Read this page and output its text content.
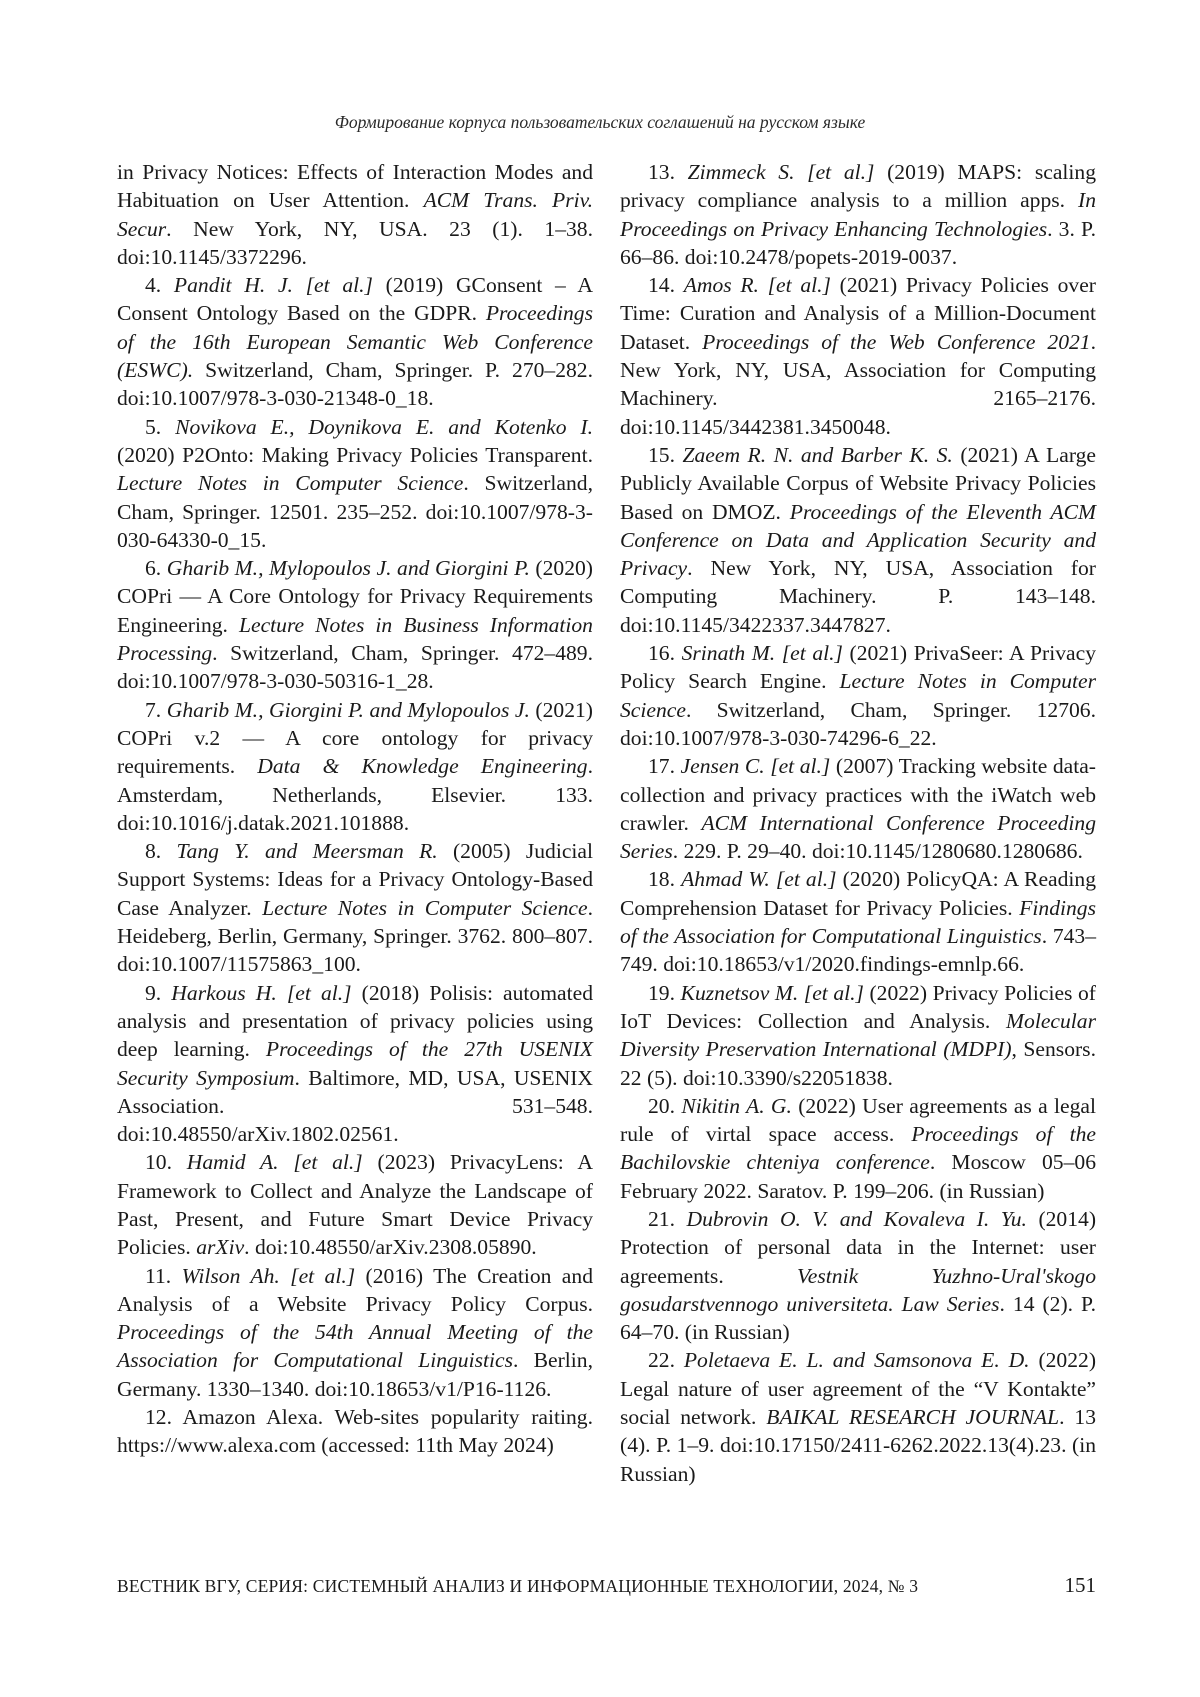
Формирование корпуса пользовательских соглашений на русском языке

in Privacy Notices: Effects of Interaction Modes and Habituation on User Attention. ACM Trans. Priv. Secur. New York, NY, USA. 23 (1). 1–38. doi:10.1145/3372296.

4. Pandit H. J. [et al.] (2019) GConsent – A Consent Ontology Based on the GDPR. Proceedings of the 16th European Semantic Web Conference (ESWC). Switzerland, Cham, Springer. P. 270–282. doi:10.1007/978-3-030-21348-0_18.

5. Novikova E., Doynikova E. and Kotenko I. (2020) P2Onto: Making Privacy Policies Transparent. Lecture Notes in Computer Science. Switzerland, Cham, Springer. 12501. 235–252. doi:10.1007/978-3-030-64330-0_15.

6. Gharib M., Mylopoulos J. and Giorgini P. (2020) COPri — A Core Ontology for Privacy Requirements Engineering. Lecture Notes in Business Information Processing. Switzerland, Cham, Springer. 472–489. doi:10.1007/978-3-030-50316-1_28.

7. Gharib M., Giorgini P. and Mylopoulos J. (2021) COPri v.2 — A core ontology for privacy requirements. Data & Knowledge Engineering. Amsterdam, Netherlands, Elsevier. 133. doi:10.1016/j.datak.2021.101888.

8. Tang Y. and Meersman R. (2005) Judicial Support Systems: Ideas for a Privacy Ontology-Based Case Analyzer. Lecture Notes in Computer Science. Heideberg, Berlin, Germany, Springer. 3762. 800–807. doi:10.1007/11575863_100.

9. Harkous H. [et al.] (2018) Polisis: automated analysis and presentation of privacy policies using deep learning. Proceedings of the 27th USENIX Security Symposium. Baltimore, MD, USA, USENIX Association. 531–548. doi:10.48550/arXiv.1802.02561.

10. Hamid A. [et al.] (2023) PrivacyLens: A Framework to Collect and Analyze the Landscape of Past, Present, and Future Smart Device Privacy Policies. arXiv. doi:10.48550/arXiv.2308.05890.

11. Wilson Ah. [et al.] (2016) The Creation and Analysis of a Website Privacy Policy Corpus. Proceedings of the 54th Annual Meeting of the Association for Computational Linguistics. Berlin, Germany. 1330–1340. doi:10.18653/v1/P16-1126.

12. Amazon Alexa. Web-sites popularity raiting. https://www.alexa.com (accessed: 11th May 2024)

13. Zimmeck S. [et al.] (2019) MAPS: scaling privacy compliance analysis to a million apps. In Proceedings on Privacy Enhancing Technologies. 3. P. 66–86. doi:10.2478/popets-2019-0037.

14. Amos R. [et al.] (2021) Privacy Policies over Time: Curation and Analysis of a Million-Document Dataset. Proceedings of the Web Conference 2021. New York, NY, USA, Association for Computing Machinery. 2165–2176. doi:10.1145/3442381.3450048.

15. Zaeem R. N. and Barber K. S. (2021) A Large Publicly Available Corpus of Website Privacy Policies Based on DMOZ. Proceedings of the Eleventh ACM Conference on Data and Application Security and Privacy. New York, NY, USA, Association for Computing Machinery. P. 143–148. doi:10.1145/3422337.3447827.

16. Srinath M. [et al.] (2021) PrivaSeer: A Privacy Policy Search Engine. Lecture Notes in Computer Science. Switzerland, Cham, Springer. 12706. doi:10.1007/978-3-030-74296-6_22.

17. Jensen C. [et al.] (2007) Tracking website data-collection and privacy practices with the iWatch web crawler. ACM International Conference Proceeding Series. 229. P. 29–40. doi:10.1145/1280680.1280686.

18. Ahmad W. [et al.] (2020) PolicyQA: A Reading Comprehension Dataset for Privacy Policies. Findings of the Association for Computational Linguistics. 743–749. doi:10.18653/v1/2020.findings-emnlp.66.

19. Kuznetsov M. [et al.] (2022) Privacy Policies of IoT Devices: Collection and Analysis. Molecular Diversity Preservation International (MDPI), Sensors. 22 (5). doi:10.3390/s22051838.

20. Nikitin A. G. (2022) User agreements as a legal rule of virtal space access. Proceedings of the Bachilovskie chteniya conference. Moscow 05–06 February 2022. Saratov. P. 199–206. (in Russian)

21. Dubrovin O. V. and Kovaleva I. Yu. (2014) Protection of personal data in the Internet: user agreements. Vestnik Yuzhno-Ural'skogo gosudarstvennogo universiteta. Law Series. 14 (2). P. 64–70. (in Russian)

22. Poletaeva E. L. and Samsonova E. D. (2022) Legal nature of user agreement of the “V Kontakte” social network. BAIKAL RESEARCH JOURNAL. 13 (4). P. 1–9. doi:10.17150/2411-6262.2022.13(4).23. (in Russian)

ВЕСТНИК ВГУ, СЕРИЯ: СИСТЕМНЫЙ АНАЛИЗ И ИНФОРМАЦИОННЫЕ ТЕХНОЛОГИИ, 2024, № 3	151
